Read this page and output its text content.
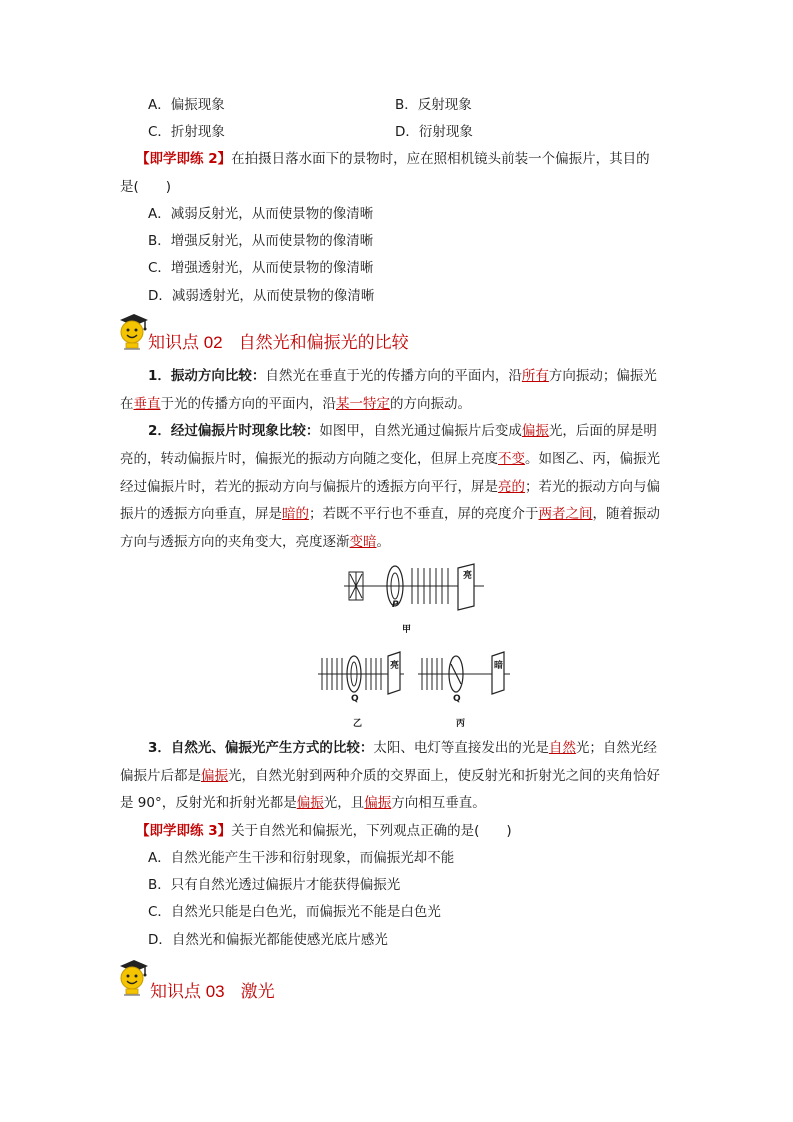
A．偏振现象	B．反射现象
C．折射现象	D．衍射现象
【即学即练 2】在拍摄日落水面下的景物时，应在照相机镜头前装一个偏振片，其目的
是(　　)
A．减弱反射光，从而使景物的像清晰
B．增强反射光，从而使景物的像清晰
C．增强透射光，从而使景物的像清晰
D．减弱透射光，从而使景物的像清晰
知识点 02 自然光和偏振光的比较
1．振动方向比较：自然光在垂直于光的传播方向的平面内，沿所有方向振动；偏振光
在垂直于光的传播方向的平面内，沿某一特定的方向振动。
2．经过偏振片时现象比较：如图甲，自然光通过偏振片后变成偏振光，后面的屏是明
亮的，转动偏振片时，偏振光的振动方向随之变化，但屏上亮度不变。如图乙、丙，偏振光
经过偏振片时，若光的振动方向与偏振片的透振方向平行，屏是亮的；若光的振动方向与偏
振片的透振方向垂直，屏是暗的；若既不平行也不垂直，屏的亮度介于两者之间，随着振动
方向与透振方向的夹角变大，亮度逐渐变暗。
P
亮
甲
亮
Q
乙
暗
Q
丙
3．自然光、偏振光产生方式的比较：太阳、电灯等直接发出的光是自然光；自然光经
偏振片后都是偏振光，自然光射到两种介质的交界面上，使反射光和折射光之间的夹角恰好
是 90°，反射光和折射光都是偏振光，且偏振方向相互垂直。
【即学即练 3】关于自然光和偏振光，下列观点正确的是(　　)
A．自然光能产生干涉和衍射现象，而偏振光却不能
B．只有自然光透过偏振片才能获得偏振光
C．自然光只能是白色光，而偏振光不能是白色光
D．自然光和偏振光都能使感光底片感光
知识点 03 激光
